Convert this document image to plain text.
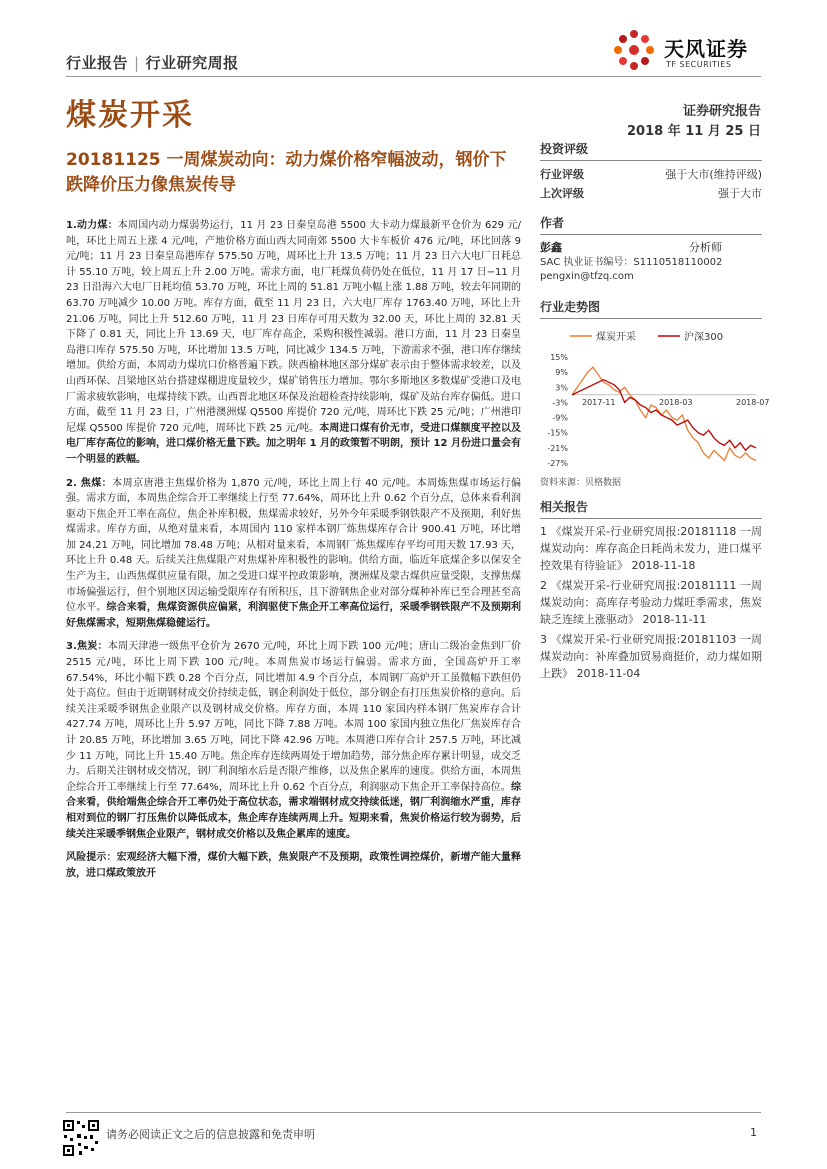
行业报告 | 行业研究周报
天风证券
TF SECURITIES
煤炭开采	证券研究报告
2018 年 11 月 25 日
20181125 一周煤炭动向：动力煤价格窄幅波动，钢价下跌降价压力像焦炭传导
1.动力煤：本周国内动力煤弱势运行，11 月 23 日秦皇岛港 5500 大卡动力煤最新平仓价为 629 元/吨，环比上周五上涨 4 元/吨，产地价格方面山西大同南郊 5500 大卡车板价 476 元/吨，环比回落 9 元/吨；11 月 23 日秦皇岛港库存 575.50 万吨，周环比上升 13.5 万吨；11 月 23 日六大电厂日耗总计 55.10 万吨，较上周五上升 2.00 万吨。需求方面，电厂耗煤负荷仍处在低位，11 月 17 日−11 月 23 日沿海六大电厂日耗均值 53.70 万吨，环比上周的 51.81 万吨小幅上涨 1.88 万吨，较去年同期的 63.70 万吨减少 10.00 万吨。库存方面，截至 11 月 23 日，六大电厂库存 1763.40 万吨，环比上升 21.06 万吨，同比上升 512.60 万吨，11 月 23 日库存可用天数为 32.00 天，环比上周的 32.81 天下降了 0.81 天，同比上升 13.69 天，电厂库存高企，采购积极性减弱。港口方面，11 月 23 日秦皇岛港口库存 575.50 万吨，环比增加 13.5 万吨，同比减少 134.5 万吨，下游需求不强，港口库存继续增加。供给方面，本周动力煤坑口价格普遍下跌。陕西榆林地区部分煤矿表示由于整体需求较差，以及山西环保、吕梁地区站台搭建煤棚进度量较少，煤矿销售压力增加。鄂尔多斯地区多数煤矿受港口及电厂需求疲软影响，电煤持续下跌。山西晋北地区环保及治超检查持续影响，煤矿及站台库存偏低。进口方面，截至 11 月 23 日，广州港澳洲煤 Q5500 库提价 720 元/吨，周环比下跌 25 元/吨；广州港印尼煤 Q5500 库提价 720 元/吨，周环比下跌 25 元/吨。本周进口煤有价无市，受进口煤额度平控以及电厂库存高位的影响，进口煤价格无量下跌。加之明年 1 月的政策暂不明朗，预计 12 月份进口量会有一个明显的跌幅。
2. 焦煤：本周京唐港主焦煤价格为 1,870 元/吨，环比上周上行 40 元/吨。本周炼焦煤市场运行偏强。需求方面，本周焦企综合开工率继续上行至 77.64%，周环比上升 0.62 个百分点，总体来看利润驱动下焦企开工率在高位，焦企补库积极，焦煤需求较好，另外今年采暖季钢铁限产不及预期，利好焦煤需求。库存方面，从绝对量来看，本周国内 110 家样本钢厂炼焦煤库存合计 900.41 万吨，环比增加 24.21 万吨，同比增加 78.48 万吨；从相对量来看，本周钢厂炼焦煤库存平均可用天数 17.93 天，环比上升 0.48 天。后续关注焦煤限产对焦煤补库积极性的影响。供给方面，临近年底煤企多以保安全生产为主，山西焦煤供应量有限，加之受进口煤平控政策影响，澳洲煤及蒙古煤供应量受限，支撑焦煤市场偏强运行，但个别地区因运输受限库存有所积压，且下游钢焦企业对部分煤种补库已至合理甚至高位水平。综合来看，焦煤资源供应偏紧，利润驱使下焦企开工率高位运行，采暖季钢铁限产不及预期利好焦煤需求，短期焦煤稳健运行。
3.焦炭：本周天津港一级焦平仓价为 2670 元/吨，环比上周下跌 100 元/吨；唐山二级冶金焦到厂价 2515 元/吨，环比上周下跌 100 元/吨。本周焦炭市场运行偏弱。需求方面，全国高炉开工率 67.54%，环比小幅下跌 0.28 个百分点，同比增加 4.9 个百分点，本周钢厂高炉开工虽微幅下跌但仍处于高位。但由于近期钢材成交价持续走低，钢企利润处于低位，部分钢企有打压焦炭价格的意向。后续关注采暖季钢焦企业限产以及钢材成交价格。库存方面，本周 110 家国内样本钢厂焦炭库存合计 427.74 万吨，周环比上升 5.97 万吨，同比下降 7.88 万吨。本周 100 家国内独立焦化厂焦炭库存合计 20.85 万吨，环比增加 3.65 万吨，同比下降 42.96 万吨。本周港口库存合计 257.5 万吨，环比减少 11 万吨，同比上升 15.40 万吨。焦企库存连续两周处于增加趋势，部分焦企库存累计明显，成交乏力。后期关注钢材成交情况，钢厂利润缩水后是否限产维修，以及焦企累库的速度。供给方面，本周焦企综合开工率继续上行至 77.64%，周环比上升 0.62 个百分点，利润驱动下焦企开工率保持高位。综合来看，供给端焦企综合开工率仍处于高位状态，需求端钢材成交持续低迷，钢厂利润缩水严重，库存相对到位的钢厂打压焦价以降低成本，焦企库存连续两周上升。短期来看，焦炭价格运行较为弱势，后续关注采暖季钢焦企业限产，钢材成交价格以及焦企累库的速度。
风险提示：宏观经济大幅下滑，煤价大幅下跌，焦炭限产不及预期，政策性调控煤价，新增产能大量释放，进口煤政策放开
投资评级
行业评级	强于大市(维持评级)
上次评级	强于大市
作者
彭鑫	分析师
SAC 执业证书编号：S1110518110002
pengxin@tfzq.com
行业走势图
煤炭开采	沪深300
15%
9%
3%
-3%
-9%
-15%
-21%
-27%
2017-11	2018-03	2018-07
资料来源：贝格数据
相关报告
1 《煤炭开采-行业研究周报:20181118 一周煤炭动向：库存高企日耗尚未发力，进口煤平控效果有待验证》 2018-11-18
2 《煤炭开采-行业研究周报:20181111 一周煤炭动向：高库存考验动力煤旺季需求，焦炭缺乏连续上涨驱动》 2018-11-11
3 《煤炭开采-行业研究周报:20181103 一周煤炭动向：补库叠加贸易商挺价，动力煤如期上跌》 2018-11-04
请务必阅读正文之后的信息披露和免责申明	1
